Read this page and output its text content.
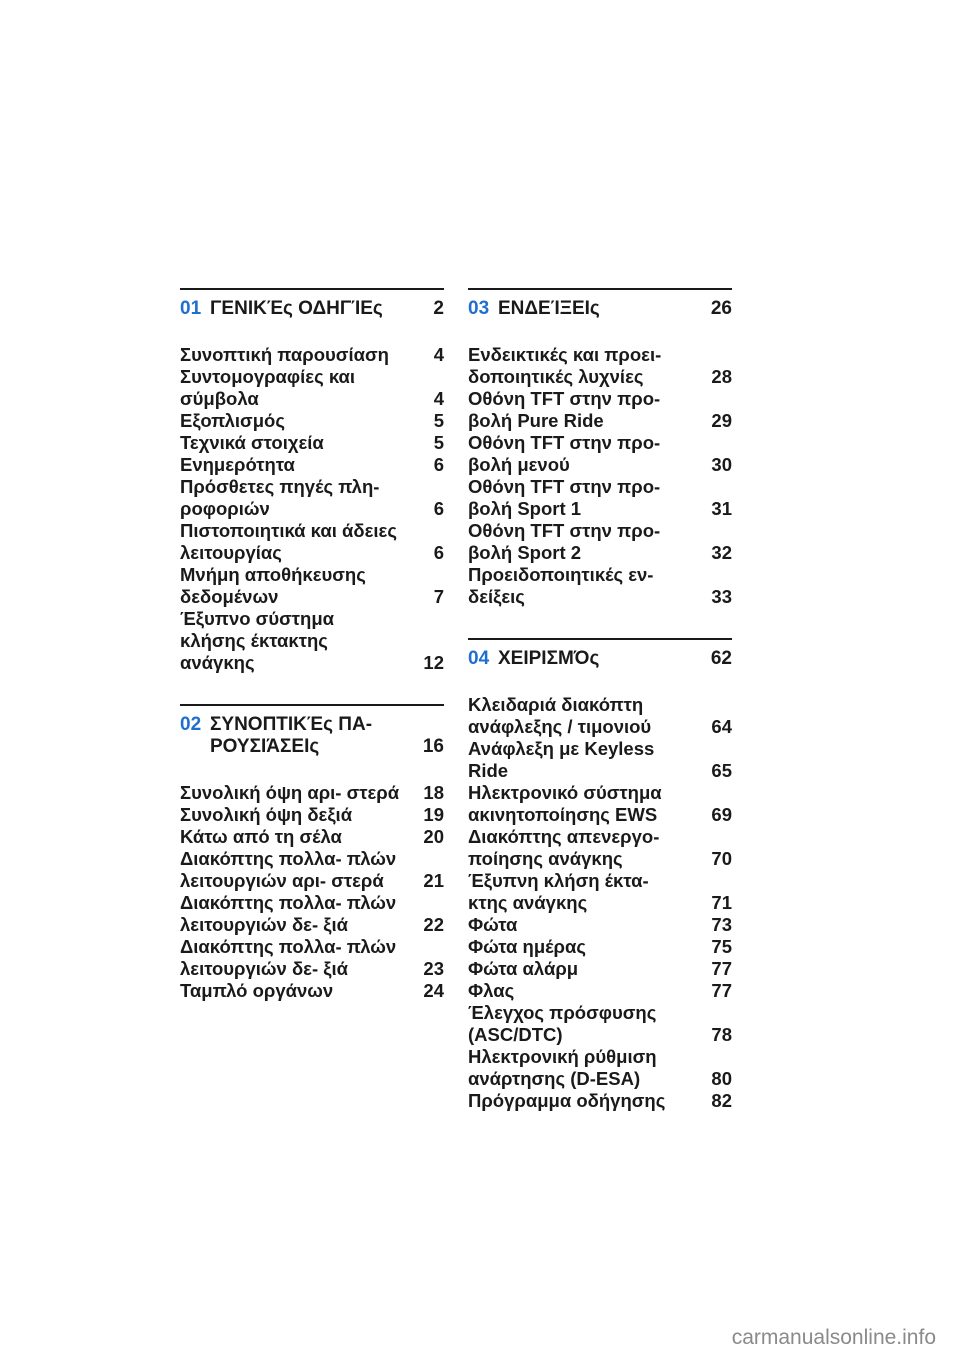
01 ΓΕΝΙΚΈς ΟΔΗΓΊΕς	2
Συνοπτική παρουσίαση	4
Συντομογραφίες και σύμβολα	4
Εξοπλισμός	5
Τεχνικά στοιχεία	5
Ενημερότητα	6
Πρόσθετες πηγές πλη- ροφοριών	6
Πιστοποιητικά και άδειες λειτουργίας	6
Μνήμη αποθήκευσης δεδομένων	7
Έξυπνο σύστημα κλήσης έκτακτης ανάγκης	12
02 ΣΥΝΟΠΤΙΚΈς ΠΑ- ΡΟΥΣΙΆΣΕΙς	16
Συνολική όψη αρι- στερά	18
Συνολική όψη δεξιά	19
Κάτω από τη σέλα	20
Διακόπτης πολλα- πλών λειτουργιών αρι- στερά	21
Διακόπτης πολλα- πλών λειτουργιών δε- ξιά	22
Διακόπτης πολλα- πλών λειτουργιών δε- ξιά	23
Ταμπλό οργάνων	24
03 ΕΝΔΕΊΞΕΙς	26
Ενδεικτικές και προει- δοποιητικές λυχνίες	28
Οθόνη TFT στην προ- βολή Pure Ride	29
Οθόνη TFT στην προ- βολή μενού	30
Οθόνη TFT στην προ- βολή Sport 1	31
Οθόνη TFT στην προ- βολή Sport 2	32
Προειδοποιητικές εν- δείξεις	33
04 ΧΕΙΡΙΣΜΌς	62
Κλειδαριά διακόπτη ανάφλεξης / τιμονιού	64
Ανάφλεξη με Keyless Ride	65
Ηλεκτρονικό σύστημα ακινητοποίησης EWS	69
Διακόπτης απενεργο- ποίησης ανάγκης	70
Έξυπνη κλήση έκτα- κτης ανάγκης	71
Φώτα	73
Φώτα ημέρας	75
Φώτα αλάρμ	77
Φλας	77
Έλεγχος πρόσφυσης (ASC/DTC)	78
Ηλεκτρονική ρύθμιση ανάρτησης (D-ESA)	80
Πρόγραμμα οδήγησης	82
carmanualsonline.info
